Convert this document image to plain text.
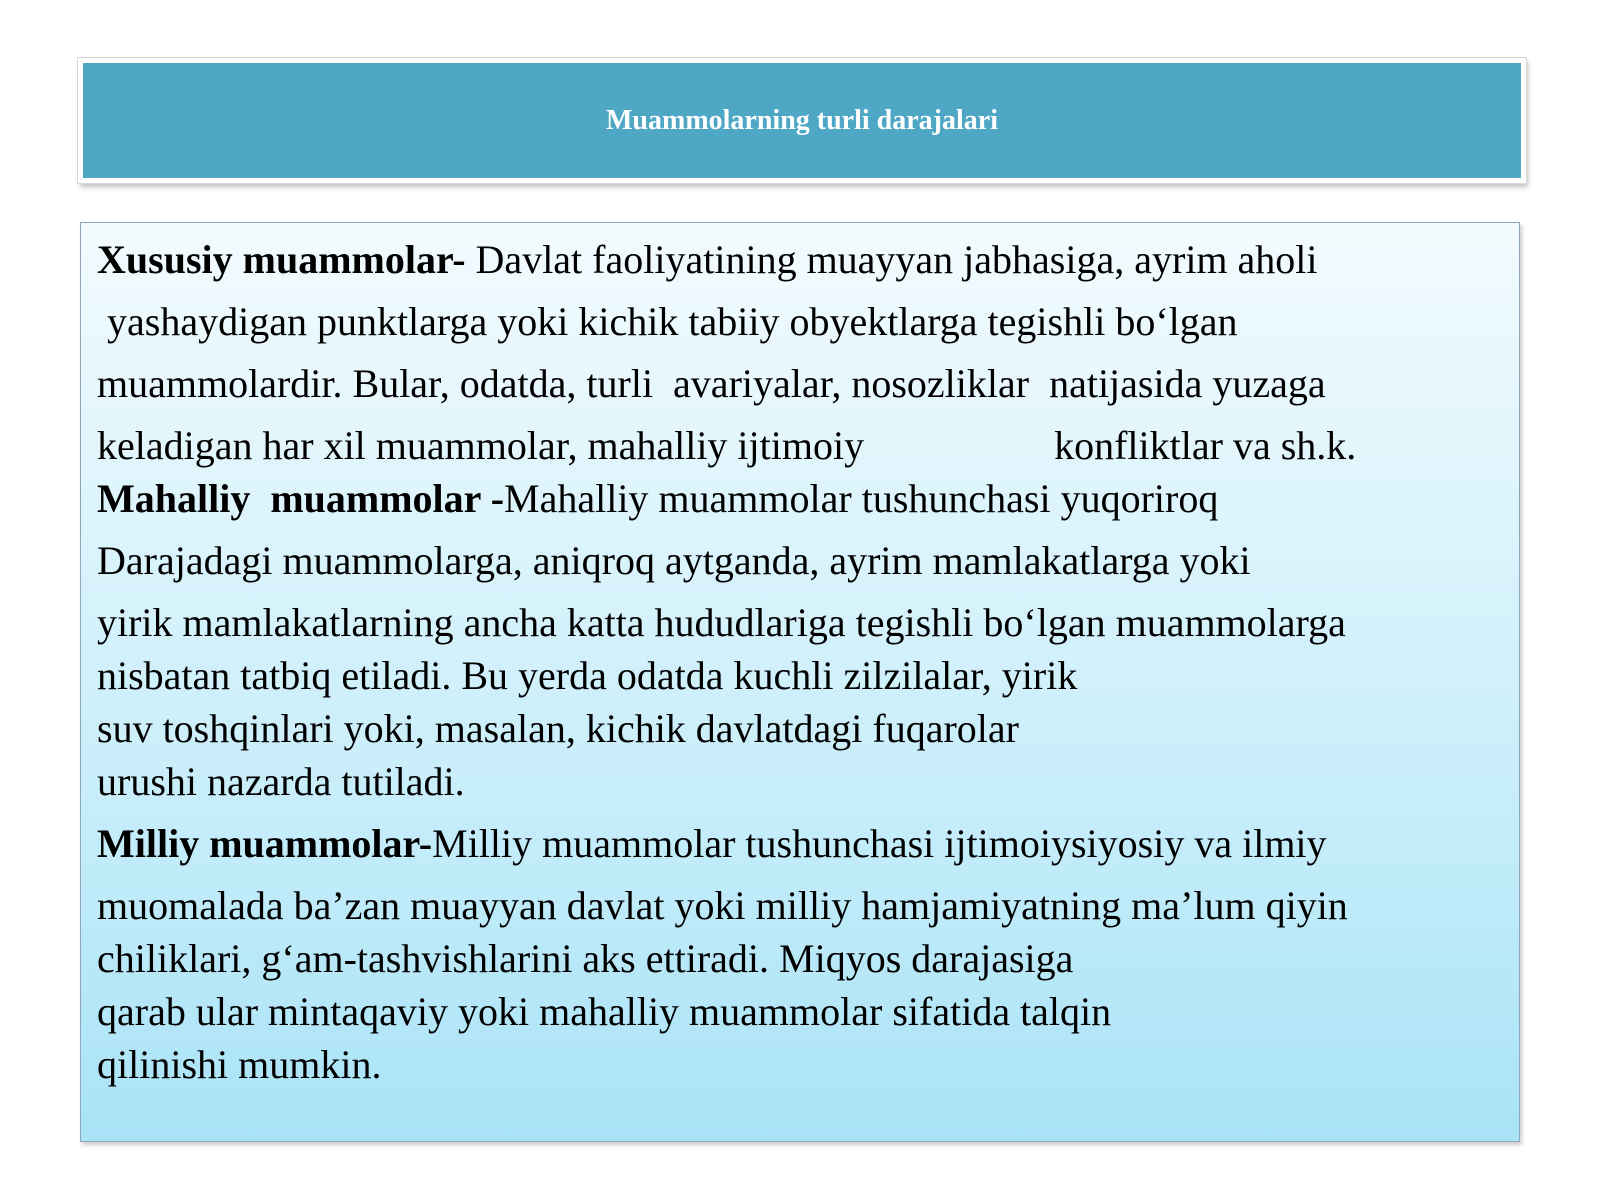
Muammolarning turli darajalari
Xususiy muammolar- Davlat faoliyatining muayyan jabhasiga, ayrim aholi
yashaydigan punktlarga yoki kichik tabiiy obyektlarga tegishli bo‘lgan
muammolardir. Bular, odatda, turli  avariyalar, nosozliklar  natijasida yuzaga
keladigan har xil muammolar, mahalliy ijtimoiy                   konfliktlar va sh.k.
Mahalliy  muammolar -Mahalliy muammolar tushunchasi yuqoriroq
Darajadagi muammolarga, aniqroq aytganda, ayrim mamlakatlarga yoki
yirik mamlakatlarning ancha katta hududlariga tegishli bo‘lgan muammolarga
nisbatan tatbiq etiladi. Bu yerda odatda kuchli zilzilalar, yirik
suv toshqinlari yoki, masalan, kichik davlatdagi fuqarolar
urushi nazarda tutiladi.
Milliy muammolar-Milliy muammolar tushunchasi ijtimoiysiyosiy va ilmiy
muomalada ba’zan muayyan davlat yoki milliy hamjamiyatning ma’lum qiyin
chiliklari, g‘am-tashvishlarini aks ettiradi. Miqyos darajasiga
qarab ular mintaqaviy yoki mahalliy muammolar sifatida talqin
qilinishi mumkin.
